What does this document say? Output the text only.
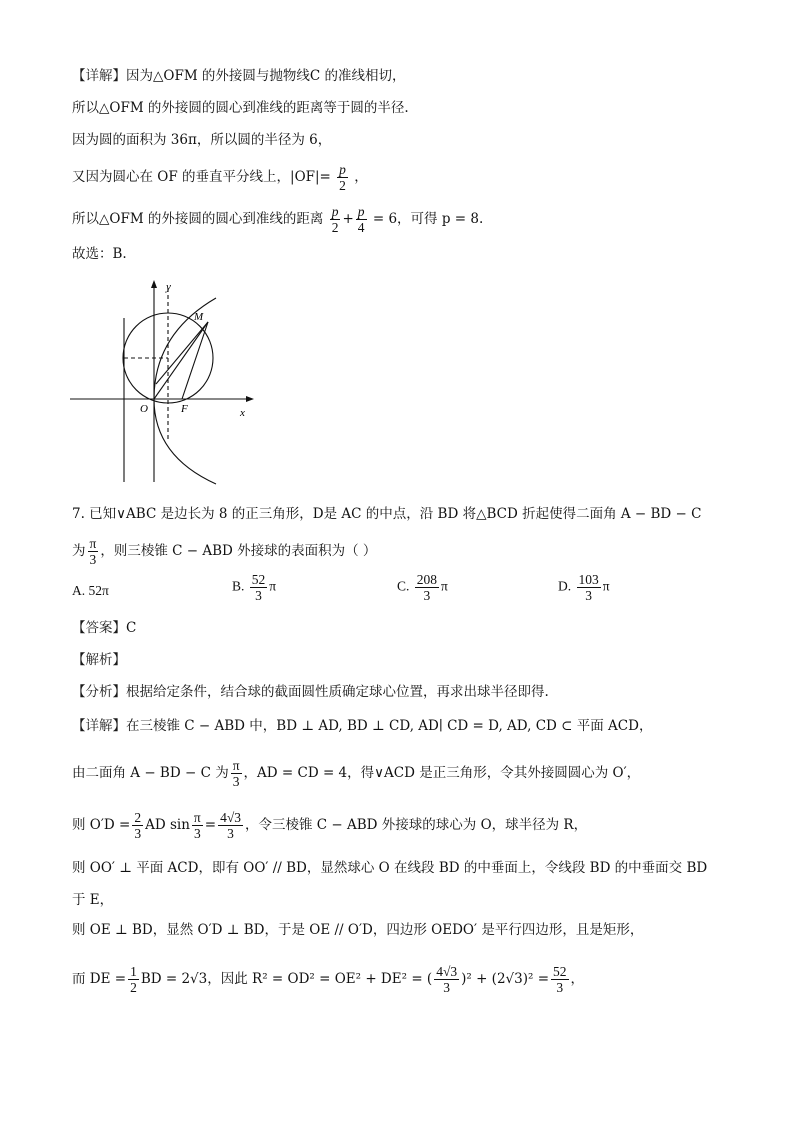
【详解】因为△OFM 的外接圆与抛物线C 的准线相切，
所以△OFM 的外接圆的圆心到准线的距离等于圆的半径.
因为圆的面积为 36π，所以圆的半径为 6，
又因为圆心在 OF 的垂直平分线上，$|OF|= \frac{p}{2}$ ，
所以△OFM 的外接圆的圆心到准线的距离 $\frac{p}{2} + \frac{p}{4} = 6$，可得 p = 8.
故选：B.
y
x
O	F
M
7. 已知∨ABC 是边长为 8 的正三角形，D是 AC 的中点，沿 BD 将△BCD 折起使得二面角 A − BD − C
为 $\frac{\pi}{3}$ ，则三棱锥 C − ABD 外接球的表面积为（ ）
A. 52π	B. $\frac{52}{3}$ π	C. $\frac{208}{3}$ π	D. $\frac{103}{3}$ π
【答案】C
【解析】
【分析】根据给定条件，结合球的截面圆性质确定球心位置，再求出球半径即得.
【详解】在三棱锥 C − ABD 中，BD ⊥ AD, BD ⊥ CD, AD∣ CD = D, AD, CD ⊂ 平面 ACD，
由二面角 A − BD − C 为 $\frac{\pi}{3}$ ，AD = CD = 4，得∨ACD 是正三角形，令其外接圆圆心为 O′，
则 $O'D = \frac{2}{3}$ AD $\sin \frac{\pi}{3} = \frac{4√3}{3}$ ，令三棱锥 C − ABD 外接球的球心为 O，球半径为 R，
则 OO′ ⊥ 平面 ACD，即有 OO′ // BD，显然球心 O 在线段 BD 的中垂面上，令线段 BD 的中垂面交 BD
于 E，
则 OE ⊥ BD，显然 O′D ⊥ BD，于是 OE // O′D，四边形 OEDO′ 是平行四边形，且是矩形，
而 DE = $\frac{1}{2}$ BD = 2√3，因此 R² = OD² = OE² + DE² = ( $\frac{4√3}{3} )^2 + (2√3)^2 = \frac{52}{3}$ ，
